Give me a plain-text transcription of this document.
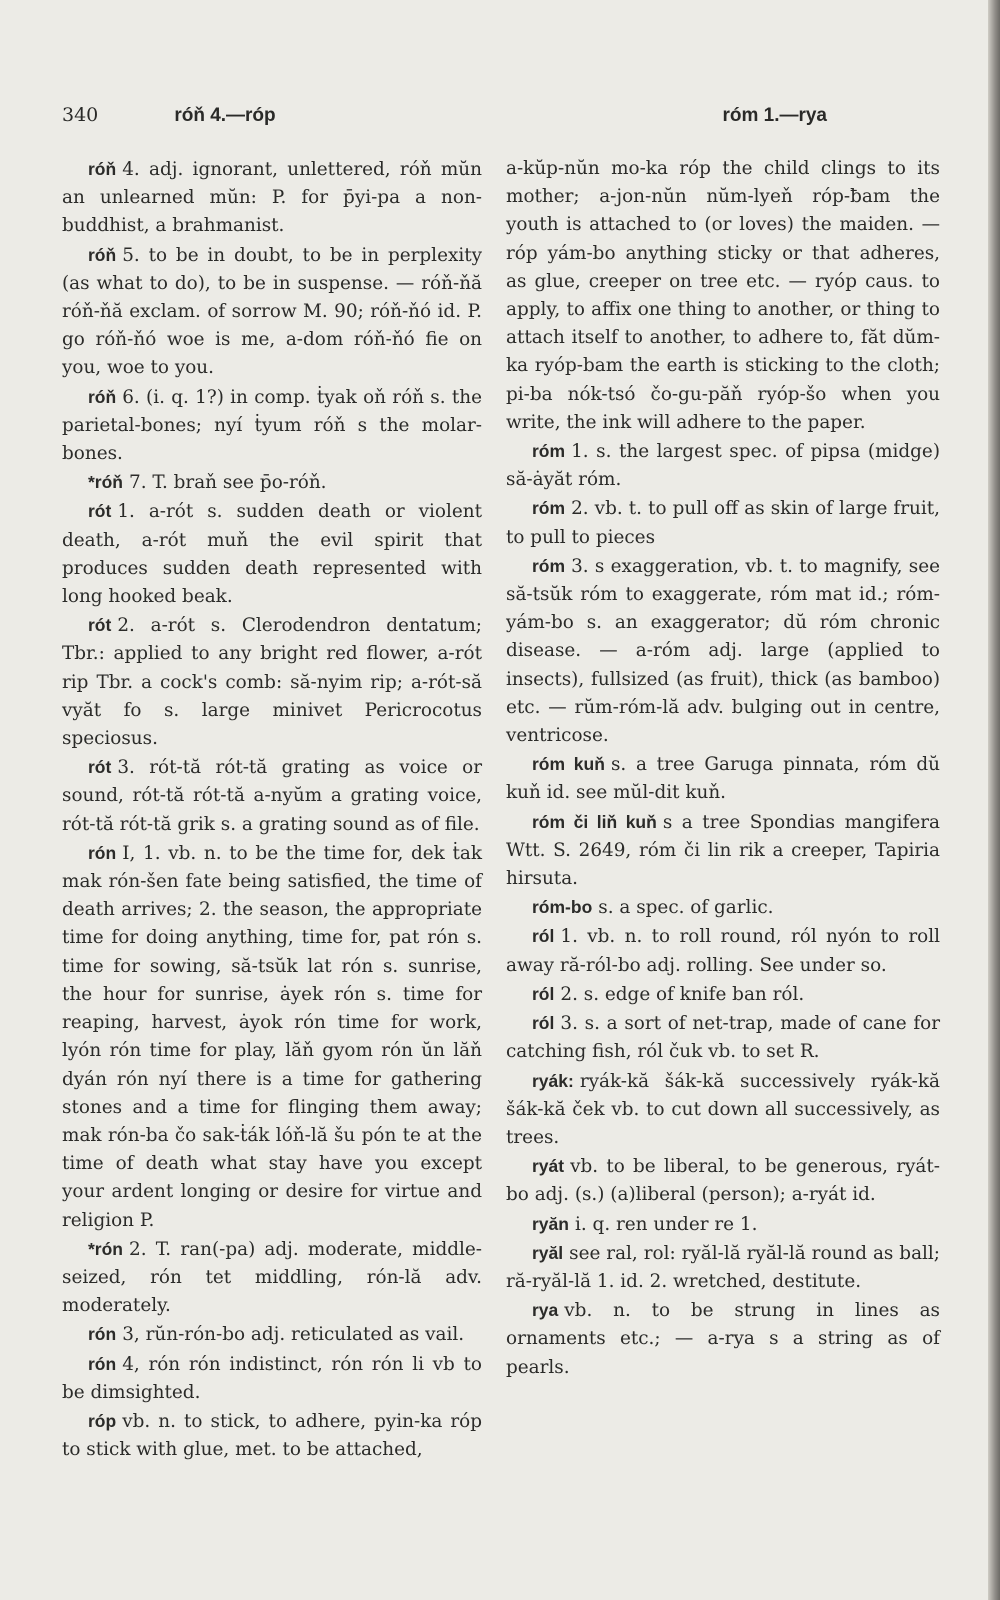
340	róň 4.—róp	róm 1.—rya

róň 4. adj. ignorant, unlettered, róň mŭn an unlearned mŭn: P. for p̄yi-pa a non-buddhist, a brahmanist.

róň 5. to be in doubt, to be in perplexity (as what to do), to be in suspense. — róň-ňă róň-ňă exclam. of sorrow M. 90; róň-ňó id. P. go róň-ňó woe is me, a-dom róň-ňó fie on you, woe to you.

róň 6. (i. q. 1?) in comp. ṫyak oň róň s. the parietal-bones; nyí ṫyum róň s the molar-bones.

*róň 7. T. braň see p̄o-róň.

rót 1. a-rót s. sudden death or violent death, a-rót muň the evil spirit that produces sudden death represented with long hooked beak.

rót 2. a-rót s. Clerodendron dentatum; Tbr.: applied to any bright red flower, a-rót rip Tbr. a cock's comb: să-nyim rip; a-rót-să vyăt fo s. large minivet Pericrocotus speciosus.

rót 3. rót-tă rót-tă grating as voice or sound, rót-tă rót-tă a-nyŭm a grating voice, rót-tă rót-tă grik s. a grating sound as of file.

rón I, 1. vb. n. to be the time for, dek ṫak mak rón-šen fate being satisfied, the time of death arrives; 2. the season, the appropriate time for doing anything, time for, pat rón s. time for sowing, să-tsŭk lat rón s. sunrise, the hour for sunrise, ȧyek rón s. time for reaping, harvest, ȧyok rón time for work, lyón rón time for play, lăň gyom rón ŭn lăň dyán rón nyí there is a time for gathering stones and a time for flinging them away; mak rón-ba čo sak-ṫák lóň-lă šu pón te at the time of death what stay have you except your ardent longing or desire for virtue and religion P.

*rón 2. T. ran(-pa) adj. moderate, middle-seized, rón tet middling, rón-lă adv. moderately.

rón 3, rŭn-rón-bo adj. reticulated as vail.

rón 4, rón rón indistinct, rón rón li vb to be dimsighted.

róp vb. n. to stick, to adhere, pyin-ka róp to stick with glue, met. to be attached,

a-kŭp-nŭn mo-ka róp the child clings to its mother; a-jon-nŭn nŭm-lyeň róp-ƀam the youth is attached to (or loves) the maiden. — róp yám-bo anything sticky or that adheres, as glue, creeper on tree etc. — ryóp caus. to apply, to affix one thing to another, or thing to attach itself to another, to adhere to, făt dŭm-ka ryóp-bam the earth is sticking to the cloth; pi-ba nók-tsó čo-gu-păň ryóp-šo when you write, the ink will adhere to the paper.

róm 1. s. the largest spec. of pipsa (midge) să-ȧyăt róm.

róm 2. vb. t. to pull off as skin of large fruit, to pull to pieces

róm 3. s exaggeration, vb. t. to magnify, see să-tsŭk róm to exaggerate, róm mat id.; róm-yám-bo s. an exaggerator; dŭ róm chronic disease. — a-róm adj. large (applied to insects), fullsized (as fruit), thick (as bamboo) etc. — rŭm-róm-lă adv. bulging out in centre, ventricose.

róm kuň s. a tree Garuga pinnata, róm dŭ kuň id. see mŭl-dit kuň.

róm či liň kuň s a tree Spondias mangifera Wtt. S. 2649, róm či lin rik a creeper, Tapiria hirsuta.

róm-bo s. a spec. of garlic.

ról 1. vb. n. to roll round, ról nyón to roll away ră-ról-bo adj. rolling. See under so.

ról 2. s. edge of knife ban ról.

ról 3. s. a sort of net-trap, made of cane for catching fish, ról čuk vb. to set R.

ryák: ryák-kă šák-kă successively ryák-kă šák-kă ček vb. to cut down all successively, as trees.

ryát vb. to be liberal, to be generous, ryát-bo adj. (s.) (a)liberal (person); a-ryát id.

ryăn i. q. ren under re 1.

ryăl see ral, rol: ryăl-lă ryăl-lă round as ball; ră-ryăl-lă 1. id. 2. wretched, destitute.

rya vb. n. to be strung in lines as ornaments etc.; — a-rya s a string as of pearls.
